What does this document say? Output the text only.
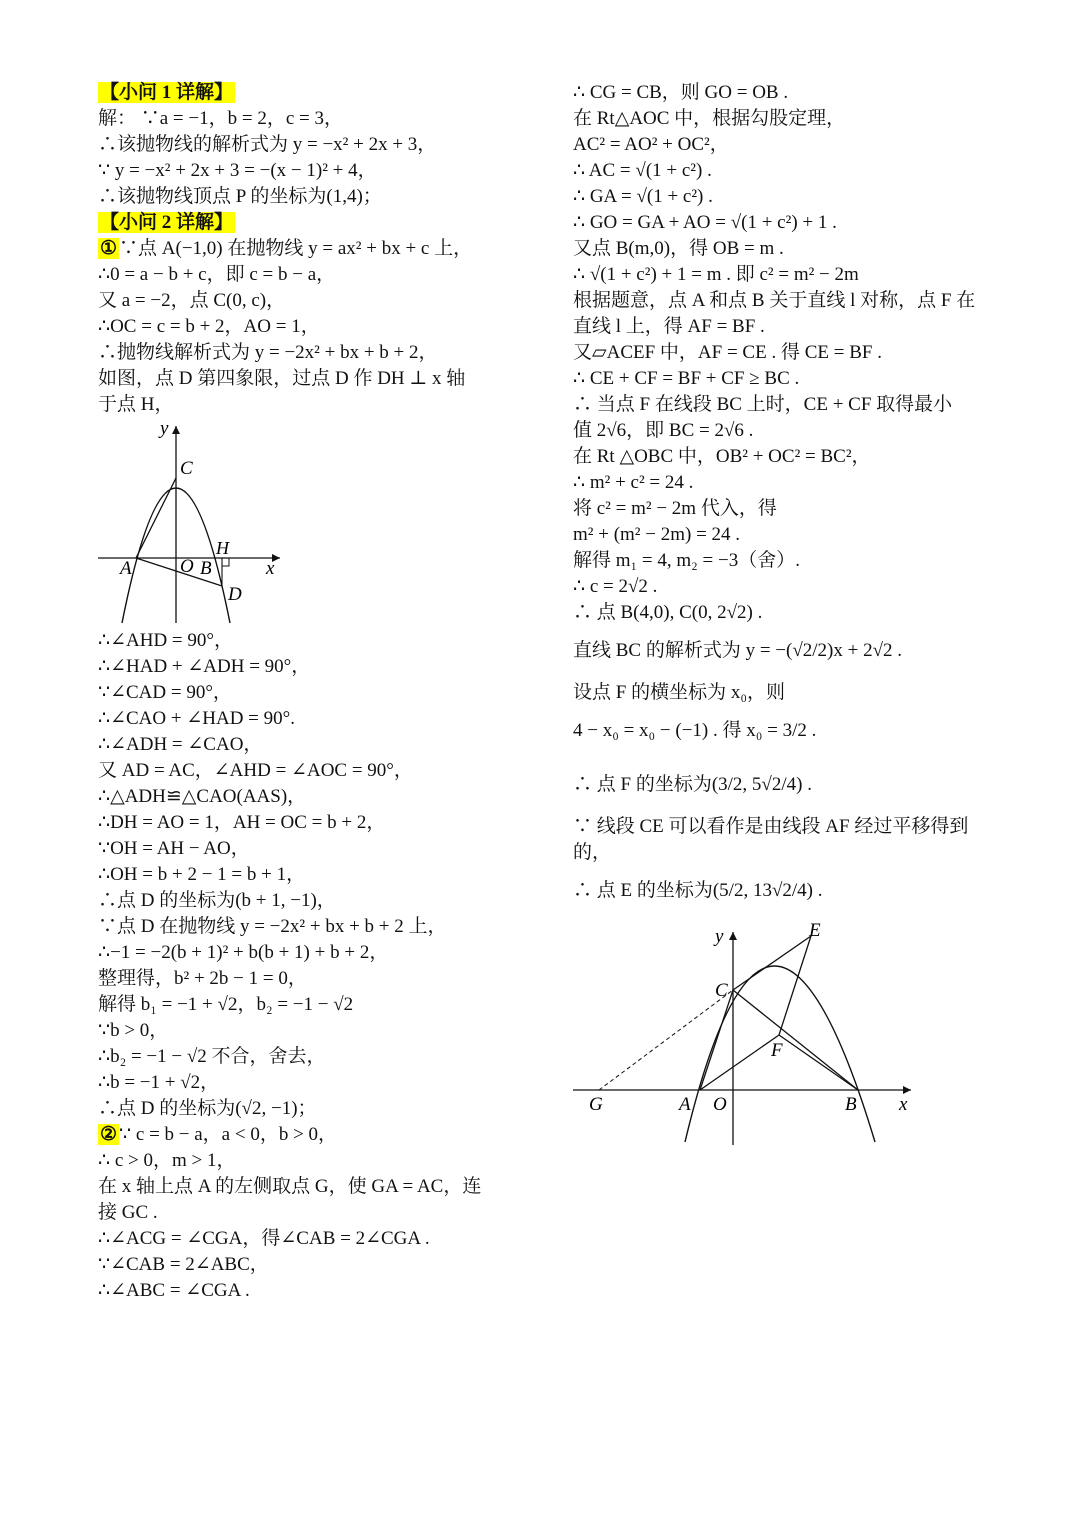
【小问 1 详解】
解： ∵a = −1，b = 2，c = 3，
∴该抛物线的解析式为 y = −x² + 2x + 3，
∵ y = −x² + 2x + 3 = −(x − 1)² + 4，
∴该抛物线顶点 P 的坐标为(1,4)；
【小问 2 详解】
① ∵点 A(−1,0) 在抛物线 y = ax² + bx + c 上，
∴0 = a − b + c，即 c = b − a，
又 a = −2，点 C(0, c)，
∴OC = c = b + 2，AO = 1，
∴抛物线解析式为 y = −2x² + bx + b + 2，
如图，点 D 第四象限，过点 D 作 DH ⊥ x 轴
于点 H，
y
C
H
A	O B
D
x
∴∠AHD = 90°，
∴∠HAD + ∠ADH = 90°，
∵∠CAD = 90°，
∴∠CAO + ∠HAD = 90°.
∴∠ADH = ∠CAO，
又 AD = AC，∠AHD = ∠AOC = 90°，
∴△ADH≌△CAO(AAS)，
∴DH = AO = 1，AH = OC = b + 2，
∵OH = AH − AO，
∴OH = b + 2 − 1 = b + 1，
∴点 D 的坐标为(b + 1, −1)，
∵点 D 在抛物线 y = −2x² + bx + b + 2 上，
∴−1 = −2(b + 1)² + b(b + 1) + b + 2，
整理得，b² + 2b − 1 = 0，
解得 b₁ = −1 + √2，b₂ = −1 − √2
∵b > 0，
∴b₂ = −1 − √2 不合，舍去，
∴b = −1 + √2，
∴点 D 的坐标为(√2, −1)；
② ∵ c = b − a，a < 0，b > 0，
∴ c > 0，m > 1，
在 x 轴上点 A 的左侧取点 G，使 GA = AC，连
接 GC .
∴∠ACG = ∠CGA，得∠CAB = 2∠CGA .
∵∠CAB = 2∠ABC，
∴∠ABC = ∠CGA .
∴ CG = CB，则 GO = OB .
在 Rt△AOC 中，根据勾股定理，
AC² = AO² + OC²，
∴ AC = √(1 + c²) .
∴ GA = √(1 + c²) .
∴ GO = GA + AO = √(1 + c²) + 1 .
又点 B(m,0)，得 OB = m .
∴ √(1 + c²) + 1 = m . 即 c² = m² − 2m
根据题意，点 A 和点 B 关于直线 l 对称，点 F 在
直线 l 上，得 AF = BF .
又▱ACEF 中，AF = CE . 得 CE = BF .
∴ CE + CF = BF + CF ≥ BC .
∴ 当点 F 在线段 BC 上时，CE + CF 取得最小
值 2√6，即 BC = 2√6 .
在 Rt △OBC 中，OB² + OC² = BC²，
∴ m² + c² = 24 .
将 c² = m² − 2m 代入，得
m² + (m² − 2m) = 24 .
解得 m₁ = 4, m₂ = −3（舍）.
∴ c = 2√2 .
∴ 点 B(4,0), C(0, 2√2) .
直线 BC 的解析式为 y = −(√2/2)x + 2√2 .
设点 F 的横坐标为 x₀，则
4 − x₀ = x₀ − (−1) . 得 x₀ = 3/2 .
∴ 点 F 的坐标为(3/2, 5√2/4) .
∵ 线段 CE 可以看作是由线段 AF 经过平移得到
的，
∴ 点 E 的坐标为(5/2, 13√2/4) .
y	E
C
F
G	A O	B x
